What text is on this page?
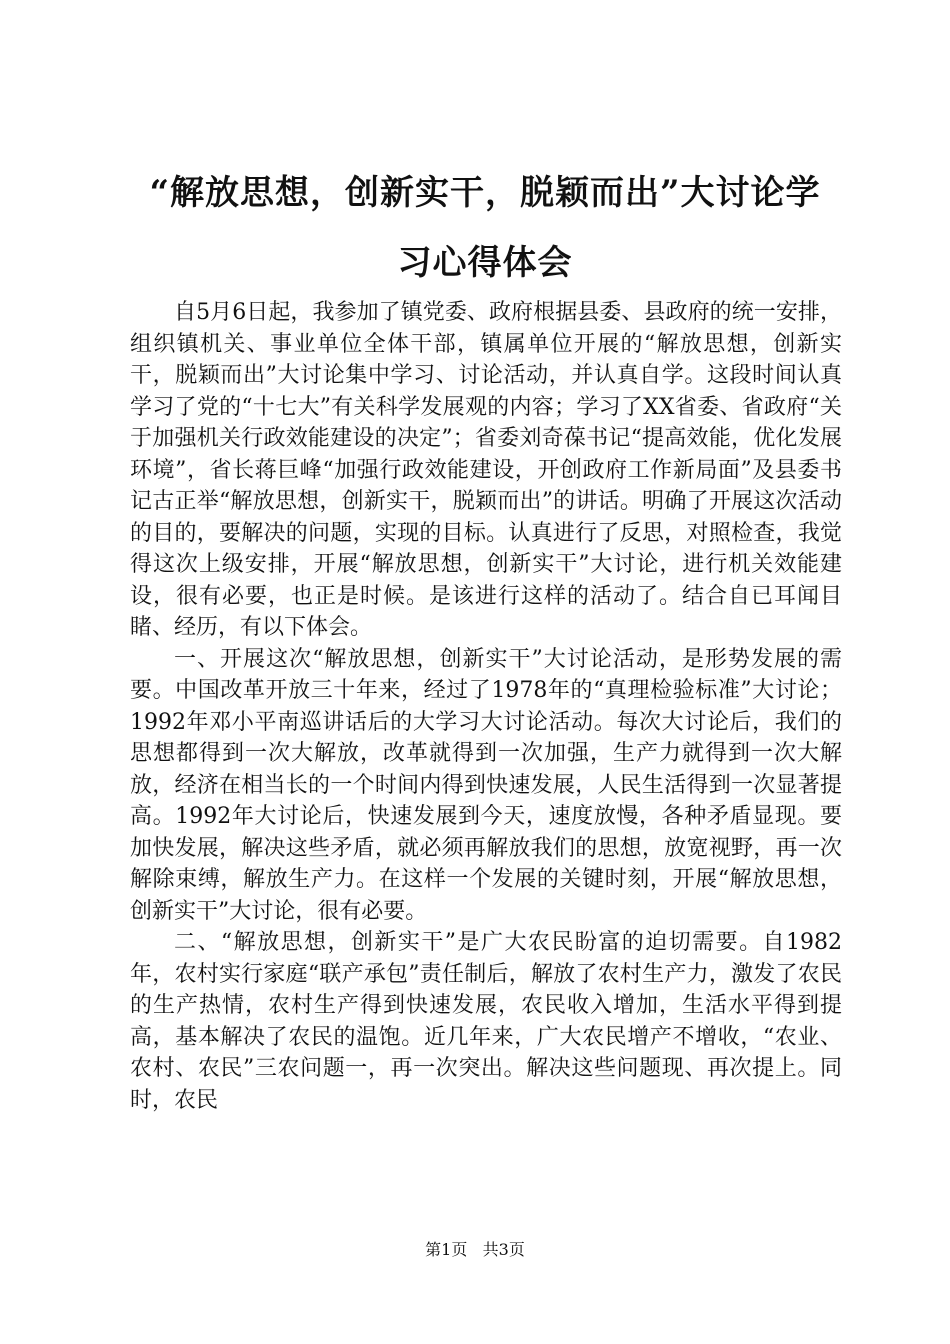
“解放思想，创新实干，脱颖而出”大讨论学
习心得体会

自5月6日起，我参加了镇党委、政府根据县委、县政府的统一安排，组织镇机关、事业单位全体干部，镇属单位开展的“解放思想，创新实干，脱颖而出”大讨论集中学习、讨论活动，并认真自学。这段时间认真学习了党的“十七大”有关科学发展观的内容；学习了XX省委、省政府“关于加强机关行政效能建设的决定”；省委刘奇葆书记“提高效能，优化发展环境”，省长蒋巨峰“加强行政效能建设，开创政府工作新局面”及县委书记古正举“解放思想，创新实干，脱颖而出”的讲话。明确了开展这次活动的目的，要解决的问题，实现的目标。认真进行了反思，对照检查，我觉得这次上级安排，开展“解放思想，创新实干”大讨论，进行机关效能建设，很有必要，也正是时候。是该进行这样的活动了。结合自已耳闻目睹、经历，有以下体会。

一、开展这次“解放思想，创新实干”大讨论活动，是形势发展的需要。中国改革开放三十年来，经过了1978年的“真理检验标准”大讨论；1992年邓小平南巡讲话后的大学习大讨论活动。每次大讨论后，我们的思想都得到一次大解放，改革就得到一次加强，生产力就得到一次大解放，经济在相当长的一个时间内得到快速发展，人民生活得到一次显著提高。1992年大讨论后，快速发展到今天，速度放慢，各种矛盾显现。要加快发展，解决这些矛盾，就必须再解放我们的思想，放宽视野，再一次解除束缚，解放生产力。在这样一个发展的关键时刻，开展“解放思想，创新实干”大讨论，很有必要。

二、“解放思想，创新实干”是广大农民盼富的迫切需要。自1982年，农村实行家庭“联产承包”责任制后，解放了农村生产力，激发了农民的生产热情，农村生产得到快速发展，农民收入增加，生活水平得到提高，基本解决了农民的温饱。近几年来，广大农民增产不增收，“农业、农村、农民”三农问题一，再一次突出。解决这些问题现、再次提上。同时，农民

第1页 共3页
